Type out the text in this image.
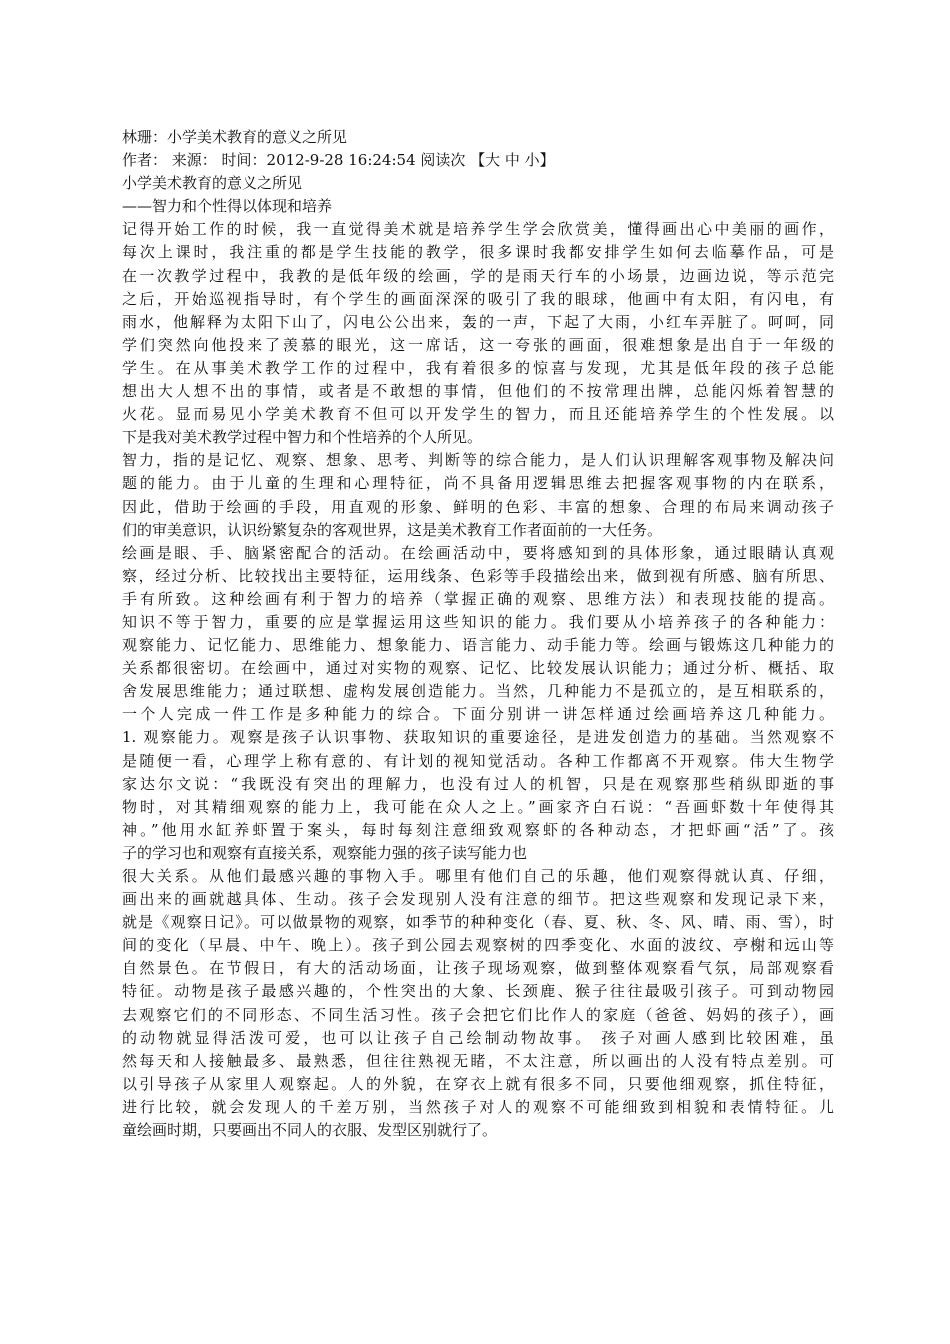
林珊：小学美术教育的意义之所见
作者： 来源： 时间：2012-9-28 16:24:54 阅读次 【大 中 小】
小学美术教育的意义之所见
——智力和个性得以体现和培养
记得开始工作的时候，我一直觉得美术就是培养学生学会欣赏美，懂得画出心中美丽的画作，
每次上课时，我注重的都是学生技能的教学，很多课时我都安排学生如何去临摹作品，可是
在一次教学过程中，我教的是低年级的绘画，学的是雨天行车的小场景，边画边说，等示范完
之后，开始巡视指导时，有个学生的画面深深的吸引了我的眼球，他画中有太阳，有闪电，有
雨水，他解释为太阳下山了，闪电公公出来，轰的一声，下起了大雨，小红车弄脏了。呵呵，同
学们突然向他投来了羡慕的眼光，这一席话，这一夸张的画面，很难想象是出自于一年级的
学生。在从事美术教学工作的过程中，我有着很多的惊喜与发现，尤其是低年段的孩子总能
想出大人想不出的事情，或者是不敢想的事情，但他们的不按常理出牌，总能闪烁着智慧的
火花。显而易见小学美术教育不但可以开发学生的智力，而且还能培养学生的个性发展。以
下是我对美术教学过程中智力和个性培养的个人所见。
智力，指的是记忆、观察、想象、思考、判断等的综合能力，是人们认识理解客观事物及解决问
题的能力。由于儿童的生理和心理特征，尚不具备用逻辑思维去把握客观事物的内在联系，
因此，借助于绘画的手段，用直观的形象、鲜明的色彩、丰富的想象、合理的布局来调动孩子
们的审美意识，认识纷繁复杂的客观世界，这是美术教育工作者面前的一大任务。
绘画是眼、手、脑紧密配合的活动。在绘画活动中，要将感知到的具体形象，通过眼睛认真观
察，经过分析、比较找出主要特征，运用线条、色彩等手段描绘出来，做到视有所感、脑有所思、
手有所致。这种绘画有利于智力的培养（掌握正确的观察、思维方法）和表现技能的提高。
知识不等于智力，重要的应是掌握运用这些知识的能力。我们要从小培养孩子的各种能力：
观察能力、记忆能力、思维能力、想象能力、语言能力、动手能力等。绘画与锻炼这几种能力的
关系都很密切。在绘画中，通过对实物的观察、记忆、比较发展认识能力；通过分析、概括、取
舍发展思维能力；通过联想、虚构发展创造能力。当然，几种能力不是孤立的，是互相联系的，
一个人完成一件工作是多种能力的综合。下面分别讲一讲怎样通过绘画培养这几种能力。
1. 观察能力。观察是孩子认识事物、获取知识的重要途径，是进发创造力的基础。当然观察不
是随便一看，心理学上称有意的、有计划的视知觉活动。各种工作都离不开观察。伟大生物学
家达尔文说：“我既没有突出的理解力，也没有过人的机智，只是在观察那些稍纵即逝的事
物时，对其精细观察的能力上，我可能在众人之上。”画家齐白石说：“吾画虾数十年使得其
神。”他用水缸养虾置于案头，每时每刻注意细致观察虾的各种动态，才把虾画“活”了。孩
子的学习也和观察有直接关系，观察能力强的孩子读写能力也
很大关系。从他们最感兴趣的事物入手。哪里有他们自己的乐趣，他们观察得就认真、仔细，
画出来的画就越具体、生动。孩子会发现别人没有注意的细节。把这些观察和发现记录下来，
就是《观察日记》。可以做景物的观察，如季节的种种变化（春、夏、秋、冬、风、晴、雨、雪），时
间的变化（早晨、中午、晚上）。孩子到公园去观察树的四季变化、水面的波纹、亭榭和远山等
自然景色。在节假日，有大的活动场面，让孩子现场观察，做到整体观察看气氛，局部观察看
特征。动物是孩子最感兴趣的，个性突出的大象、长颈鹿、猴子往往最吸引孩子。可到动物园
去观察它们的不同形态、不同生活习性。孩子会把它们比作人的家庭（爸爸、妈妈的孩子），画
的动物就显得活泼可爱，也可以让孩子自己绘制动物故事。 孩子对画人感到比较困难，虽
然每天和人接触最多、最熟悉，但往往熟视无睹，不太注意，所以画出的人没有特点差别。可
以引导孩子从家里人观察起。人的外貌，在穿衣上就有很多不同，只要他细观察，抓住特征，
进行比较，就会发现人的千差万别，当然孩子对人的观察不可能细致到相貌和表情特征。儿
童绘画时期，只要画出不同人的衣服、发型区别就行了。
